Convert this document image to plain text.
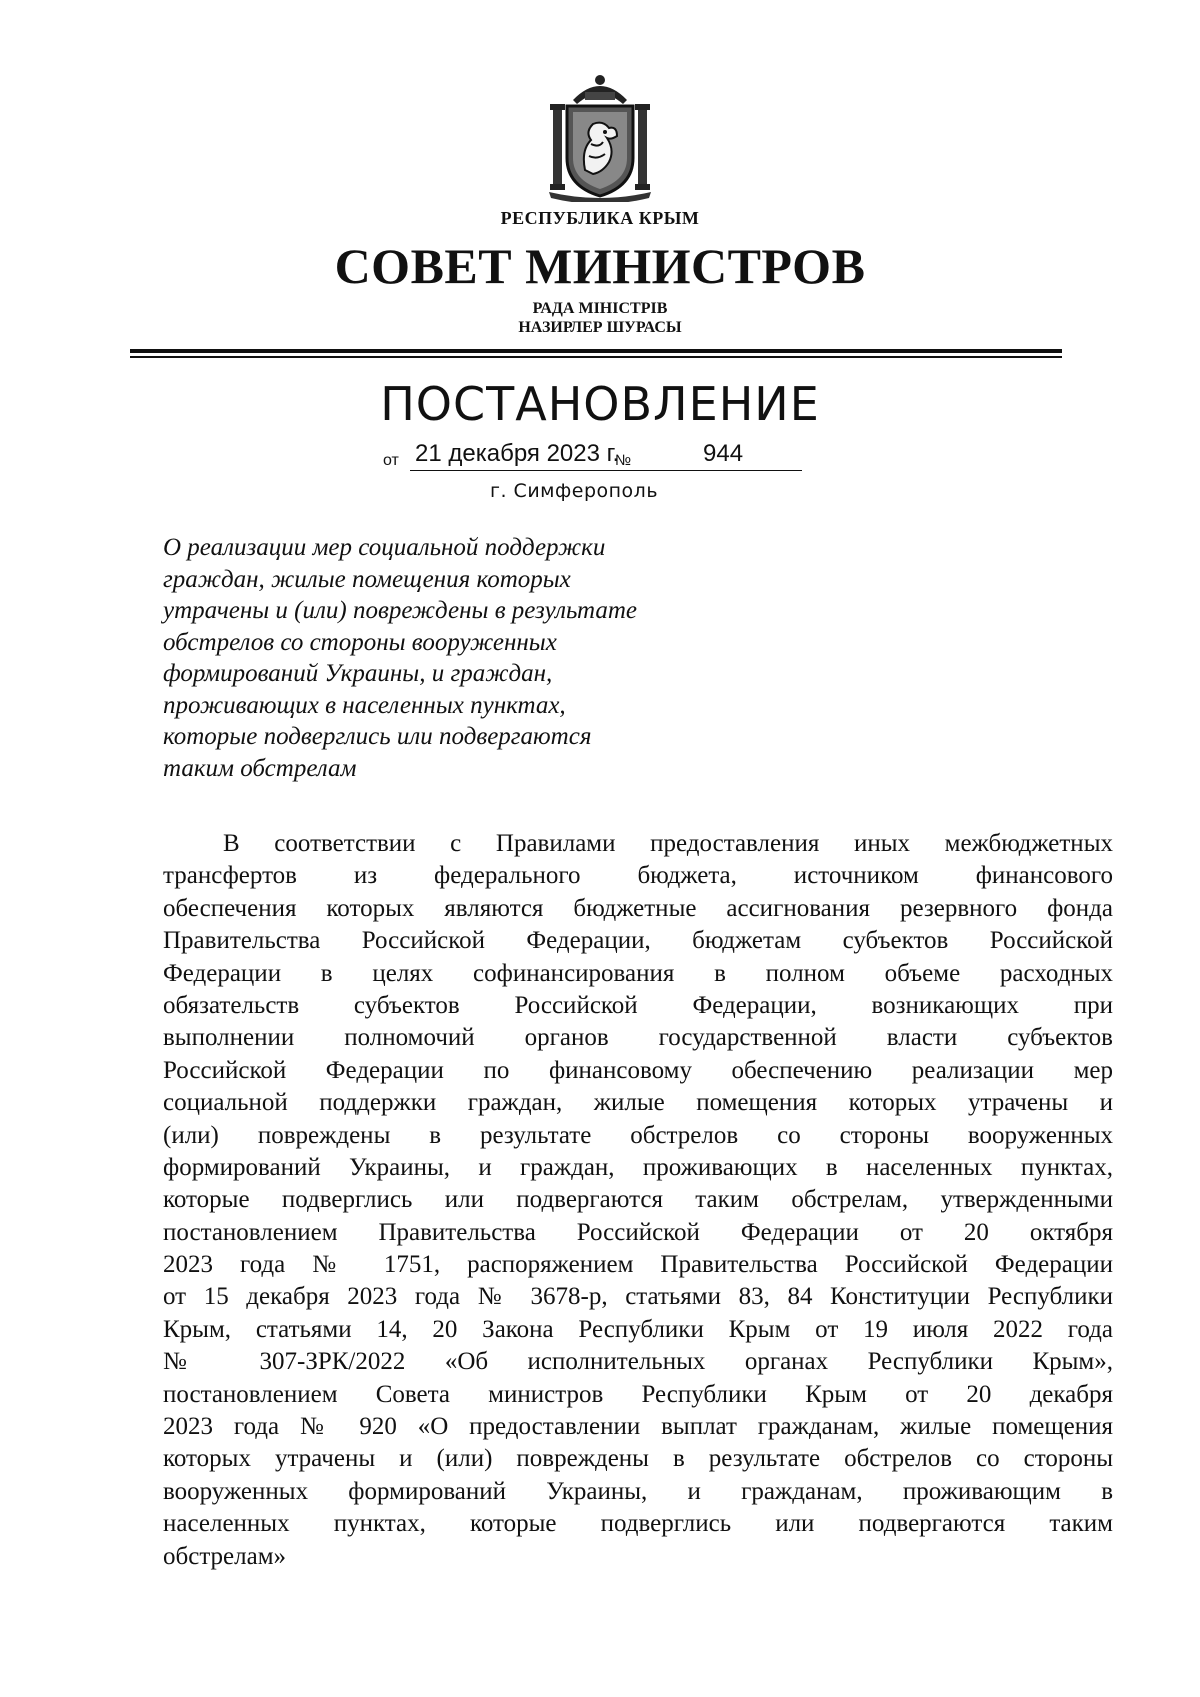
РЕСПУБЛИКА КРЫМ
СОВЕТ МИНИСТРОВ
РАДА МІНІСТРІВ
НАЗИРЛЕР ШУРАСЫ
ПОСТАНОВЛЕНИЕ
от 21 декабря 2023 г.
№	944
г. Симферополь
О реализации мер социальной поддержки
граждан, жилые помещения которых
утрачены и (или) повреждены в результате
обстрелов со стороны вооруженных
формирований Украины, и граждан,
проживающих в населенных пунктах,
которые подверглись или подвергаются
таким обстрелам
В соответствии с Правилами предоставления иных межбюджетных
трансфертов из федерального бюджета, источником финансового
обеспечения которых являются бюджетные ассигнования резервного фонда
Правительства Российской Федерации, бюджетам субъектов Российской
Федерации в целях софинансирования в полном объеме расходных
обязательств субъектов Российской Федерации, возникающих при
выполнении полномочий органов государственной власти субъектов
Российской Федерации по финансовому обеспечению реализации мер
социальной поддержки граждан, жилые помещения которых утрачены и
(или) повреждены в результате обстрелов со стороны вооруженных
формирований Украины, и граждан, проживающих в населенных пунктах,
которые подверглись или подвергаются таким обстрелам, утвержденными
постановлением Правительства Российской Федерации от 20 октября
2023 года № 1751, распоряжением Правительства Российской Федерации
от 15 декабря 2023 года № 3678-р, статьями 83, 84 Конституции Республики
Крым, статьями 14, 20 Закона Республики Крым от 19 июля 2022 года
№ 307-ЗРК/2022 «Об исполнительных органах Республики Крым»,
постановлением Совета министров Республики Крым от 20 декабря
2023 года № 920 «О предоставлении выплат гражданам, жилые помещения
которых утрачены и (или) повреждены в результате обстрелов со стороны
вооруженных формирований Украины, и гражданам, проживающим в
населенных пунктах, которые подверглись или подвергаются таким
обстрелам»
